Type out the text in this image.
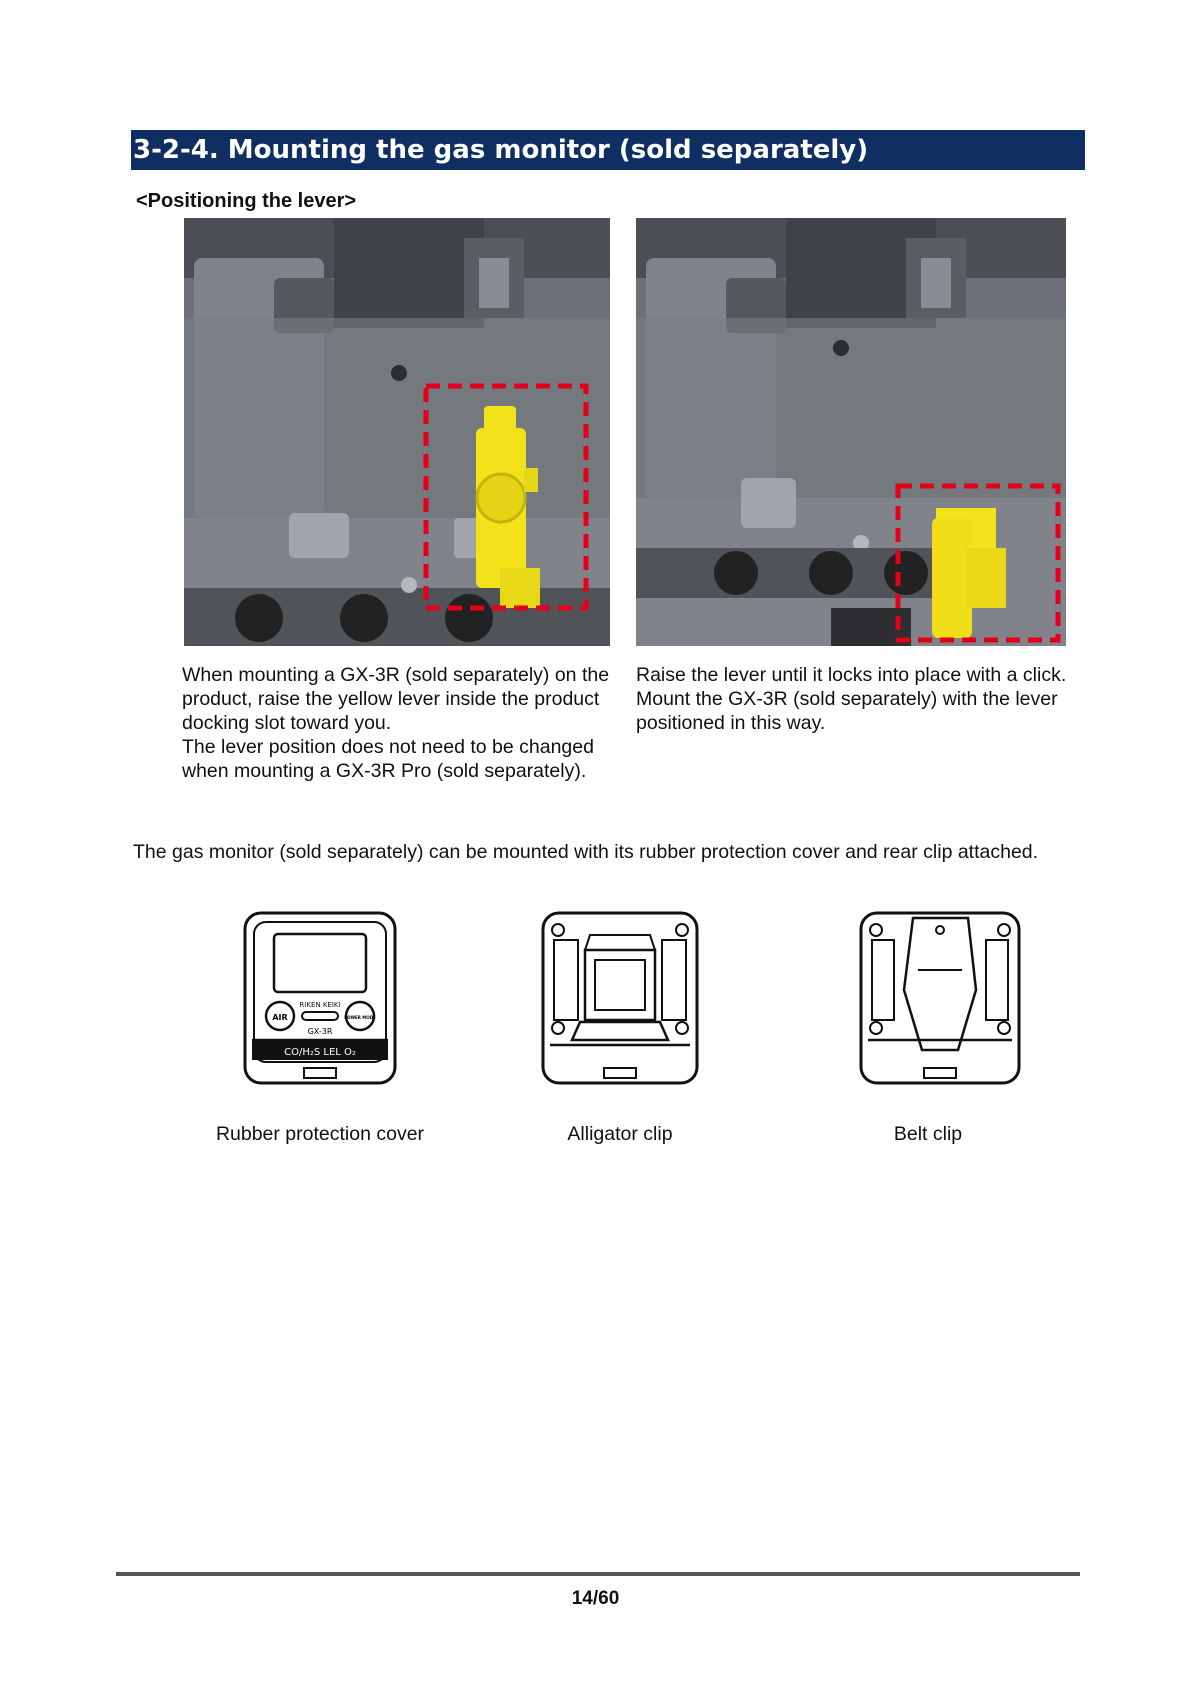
3-2-4. Mounting the gas monitor (sold separately)
<Positioning the lever>

When mounting a GX-3R (sold separately) on the product, raise the yellow lever inside the product docking slot toward you.

The lever position does not need to be changed when mounting a GX-3R Pro (sold separately).

Raise the lever until it locks into place with a click. Mount the GX-3R (sold separately) with the lever positioned in this way.

The gas monitor (sold separately) can be mounted with its rubber protection cover and rear clip attached.
RIKEN KEIKI
AIR	POWER MODE
GX-3R
CO/H₂S LEL O₂
Rubber protection cover	Alligator clip	Belt clip
14/60
